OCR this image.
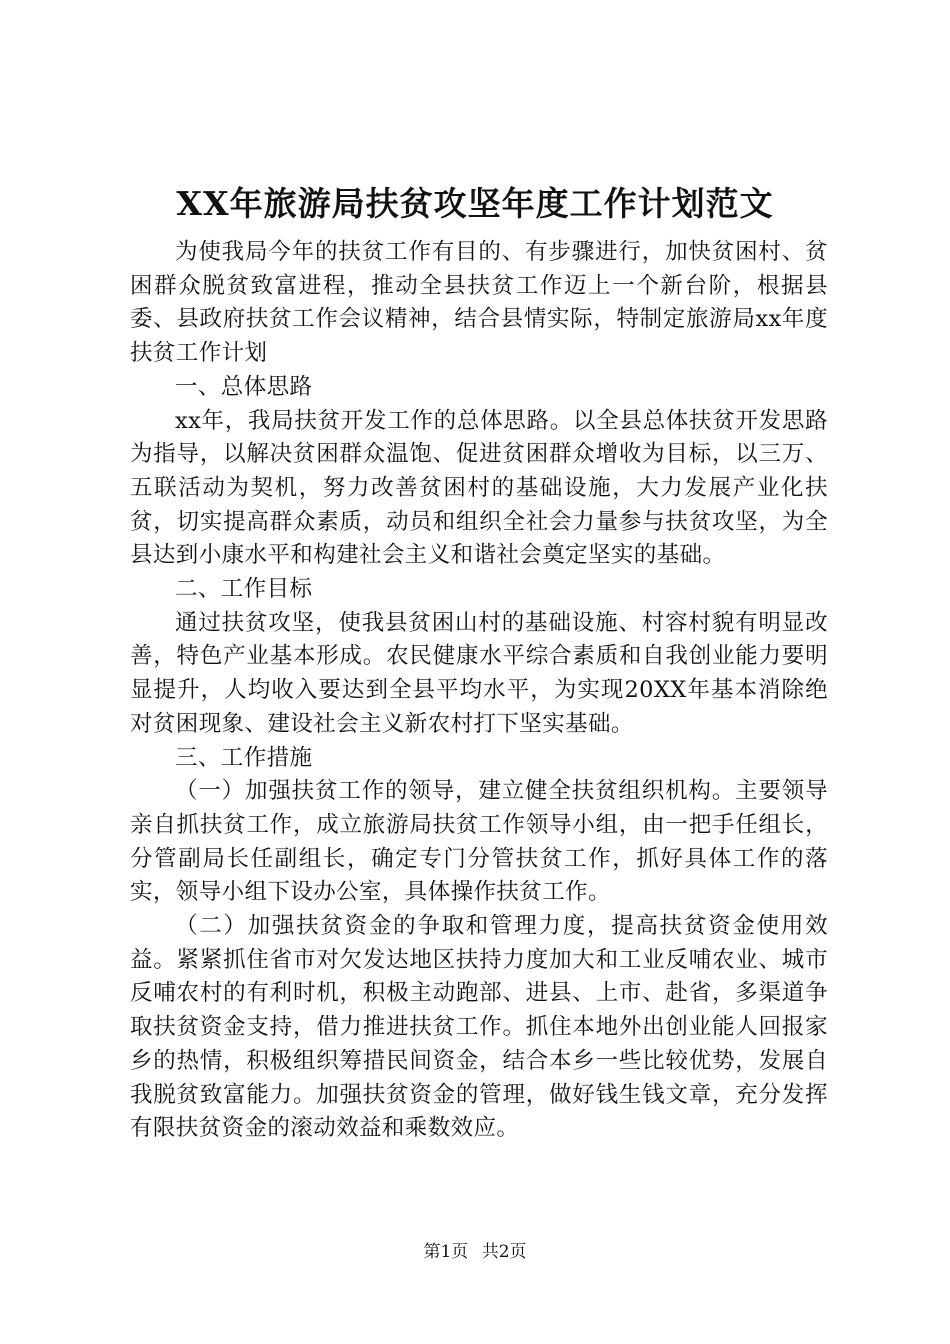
XX年旅游局扶贫攻坚年度工作计划范文

为使我局今年的扶贫工作有目的、有步骤进行，加快贫困村、贫困群众脱贫致富进程，推动全县扶贫工作迈上一个新台阶，根据县委、县政府扶贫工作会议精神，结合县情实际，特制定旅游局xx年度扶贫工作计划

一、总体思路

xx年，我局扶贫开发工作的总体思路。以全县总体扶贫开发思路为指导，以解决贫困群众温饱、促进贫困群众增收为目标，以三万、五联活动为契机，努力改善贫困村的基础设施，大力发展产业化扶贫，切实提高群众素质，动员和组织全社会力量参与扶贫攻坚，为全县达到小康水平和构建社会主义和谐社会奠定坚实的基础。

二、工作目标

通过扶贫攻坚，使我县贫困山村的基础设施、村容村貌有明显改善，特色产业基本形成。农民健康水平综合素质和自我创业能力要明显提升，人均收入要达到全县平均水平，为实现20XX年基本消除绝对贫困现象、建设社会主义新农村打下坚实基础。

三、工作措施

（一）加强扶贫工作的领导，建立健全扶贫组织机构。主要领导亲自抓扶贫工作，成立旅游局扶贫工作领导小组，由一把手任组长，分管副局长任副组长，确定专门分管扶贫工作，抓好具体工作的落实，领导小组下设办公室，具体操作扶贫工作。

（二）加强扶贫资金的争取和管理力度，提高扶贫资金使用效益。紧紧抓住省市对欠发达地区扶持力度加大和工业反哺农业、城市反哺农村的有利时机，积极主动跑部、进县、上市、赴省，多渠道争取扶贫资金支持，借力推进扶贫工作。抓住本地外出创业能人回报家乡的热情，积极组织筹措民间资金，结合本乡一些比较优势，发展自我脱贫致富能力。加强扶贫资金的管理，做好钱生钱文章，充分发挥有限扶贫资金的滚动效益和乘数效应。

第1页 共2页
